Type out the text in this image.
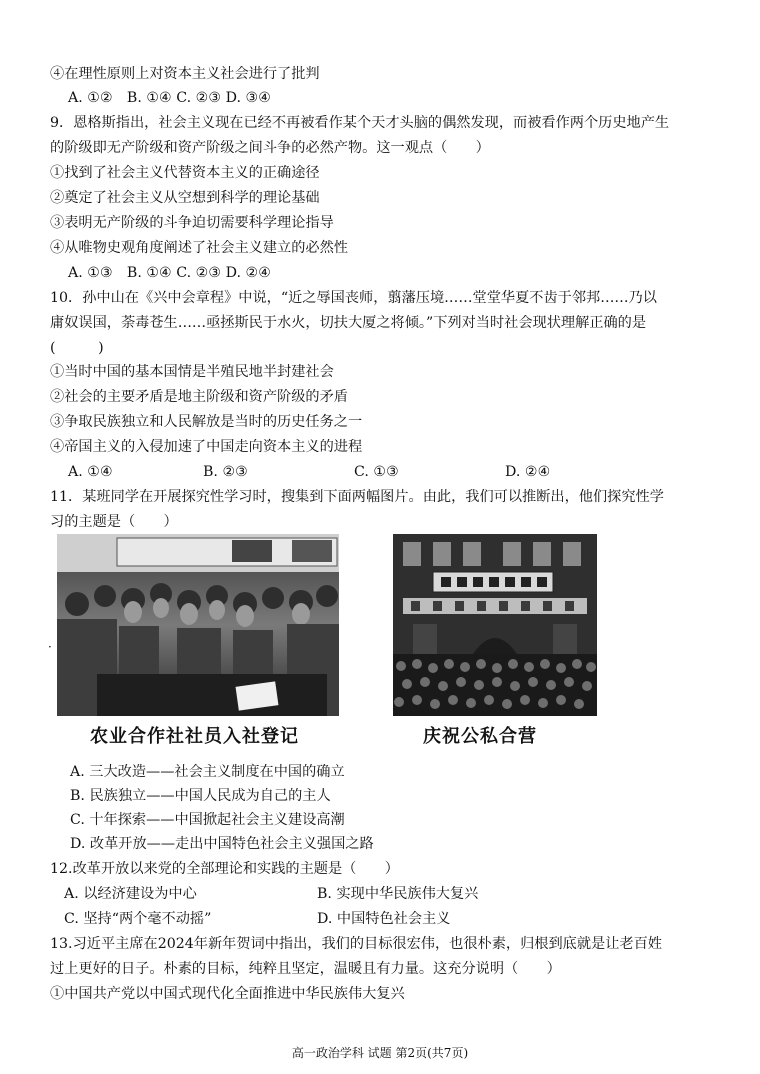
④在理性原则上对资本主义社会进行了批判
A. ①②　B. ①④ C. ②③ D. ③④
9．恩格斯指出，社会主义现在已经不再被看作某个天才头脑的偶然发现，而被看作两个历史地产生
的阶级即无产阶级和资产阶级之间斗争的必然产物。这一观点（　　）
①找到了社会主义代替资本主义的正确途径
②奠定了社会主义从空想到科学的理论基础
③表明无产阶级的斗争迫切需要科学理论指导
④从唯物史观角度阐述了社会主义建立的必然性
A. ①③　B. ①④ C. ②③ D. ②④
10．孙中山在《兴中会章程》中说，“近之辱国丧师，翦藩压境……堂堂华夏不齿于邻邦……乃以
庸奴误国，荼毒苍生……亟拯斯民于水火，切扶大厦之将倾。”下列对当时社会现状理解正确的是
(　　　)
①当时中国的基本国情是半殖民地半封建社会
②社会的主要矛盾是地主阶级和资产阶级的矛盾
③争取民族独立和人民解放是当时的历史任务之一
④帝国主义的入侵加速了中国走向资本主义的进程
A. ①④	B. ②③	C. ①③	D. ②④
11．某班同学在开展探究性学习时，搜集到下面两幅图片。由此，我们可以推断出，他们探究性学
习的主题是（　　）
·
农业合作社社员入社登记	庆祝公私合营
A. 三大改造——社会主义制度在中国的确立
B. 民族独立——中国人民成为自己的主人
C. 十年探索——中国掀起社会主义建设高潮
D. 改革开放——走出中国特色社会主义强国之路
12.改革开放以来党的全部理论和实践的主题是（　　）
A. 以经济建设为中心	B. 实现中华民族伟大复兴
C. 坚持“两个毫不动摇”	D. 中国特色社会主义
13.习近平主席在2024年新年贺词中指出，我们的目标很宏伟，也很朴素，归根到底就是让老百姓
过上更好的日子。朴素的目标，纯粹且坚定，温暖且有力量。这充分说明（　　）
①中国共产党以中国式现代化全面推进中华民族伟大复兴
高一政治学科 试题 第2页(共7页)
